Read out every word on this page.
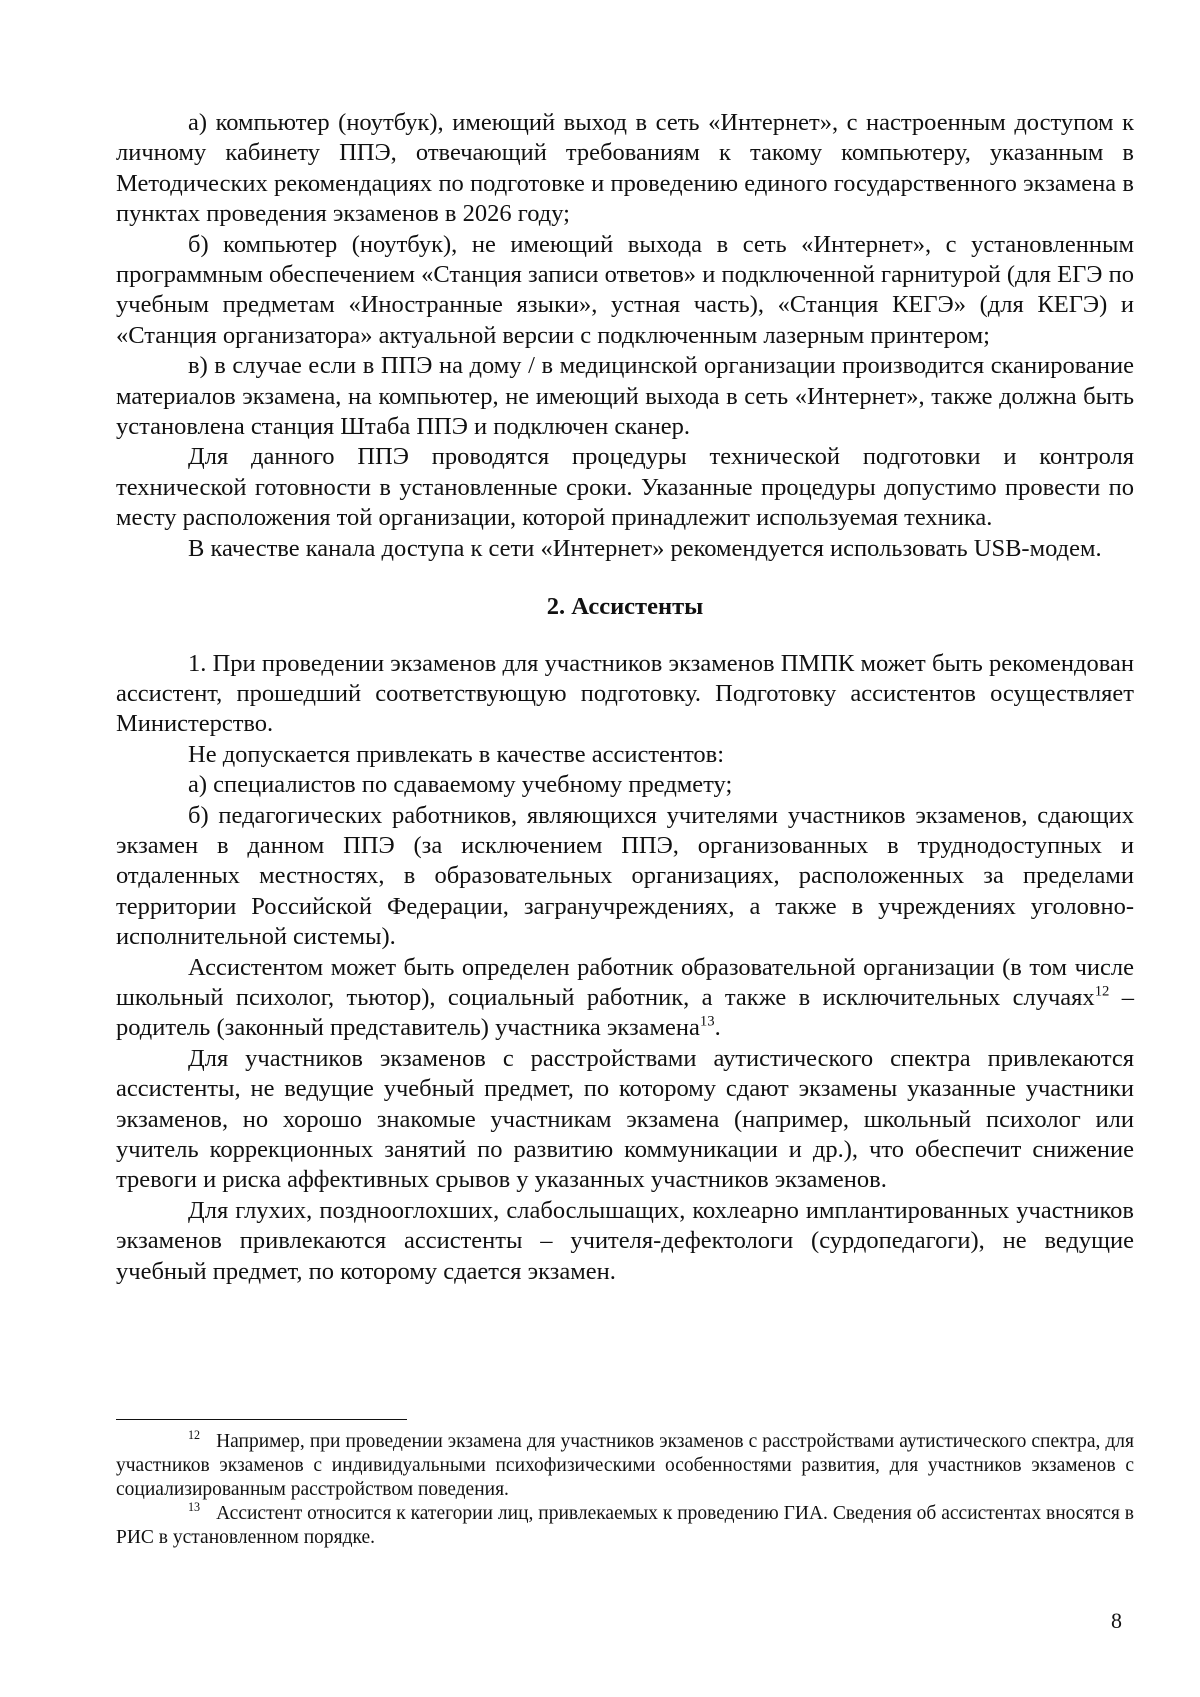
а) компьютер (ноутбук), имеющий выход в сеть «Интернет», с настроенным доступом к личному кабинету ППЭ, отвечающий требованиям к такому компьютеру, указанным в Методических рекомендациях по подготовке и проведению единого государственного экзамена в пунктах проведения экзаменов в 2026 году;

б) компьютер (ноутбук), не имеющий выхода в сеть «Интернет», с установленным программным обеспечением «Станция записи ответов» и подключенной гарнитурой (для ЕГЭ по учебным предметам «Иностранные языки», устная часть), «Станция КЕГЭ» (для КЕГЭ) и «Станция организатора» актуальной версии с подключенным лазерным принтером;

в) в случае если в ППЭ на дому / в медицинской организации производится сканирование материалов экзамена, на компьютер, не имеющий выхода в сеть «Интернет», также должна быть установлена станция Штаба ППЭ и подключен сканер.

Для данного ППЭ проводятся процедуры технической подготовки и контроля технической готовности в установленные сроки. Указанные процедуры допустимо провести по месту расположения той организации, которой принадлежит используемая техника.

В качестве канала доступа к сети «Интернет» рекомендуется использовать USB-модем.

2. Ассистенты

1. При проведении экзаменов для участников экзаменов ПМПК может быть рекомендован ассистент, прошедший соответствующую подготовку. Подготовку ассистентов осуществляет Министерство.

Не допускается привлекать в качестве ассистентов:

а) специалистов по сдаваемому учебному предмету;

б) педагогических работников, являющихся учителями участников экзаменов, сдающих экзамен в данном ППЭ (за исключением ППЭ, организованных в труднодоступных и отдаленных местностях, в образовательных организациях, расположенных за пределами территории Российской Федерации, загранучреждениях, а также в учреждениях уголовно-исполнительной системы).

Ассистентом может быть определен работник образовательной организации (в том числе школьный психолог, тьютор), социальный работник, а также в исключительных случаях$^{12}$ – родитель (законный представитель) участника экзамена$^{13}$.

Для участников экзаменов с расстройствами аутистического спектра привлекаются ассистенты, не ведущие учебный предмет, по которому сдают экзамены указанные участники экзаменов, но хорошо знакомые участникам экзамена (например, школьный психолог или учитель коррекционных занятий по развитию коммуникации и др.), что обеспечит снижение тревоги и риска аффективных срывов у указанных участников экзаменов.

Для глухих, позднооглохших, слабослышащих, кохлеарно имплантированных участников экзаменов привлекаются ассистенты – учителя-дефектологи (сурдопедагоги), не ведущие учебный предмет, по которому сдается экзамен.

$^{12}$ Например, при проведении экзамена для участников экзаменов с расстройствами аутистического спектра, для участников экзаменов с индивидуальными психофизическими особенностями развития, для участников экзаменов с социализированным расстройством поведения.

$^{13}$ Ассистент относится к категории лиц, привлекаемых к проведению ГИА. Сведения об ассистентах вносятся в РИС в установленном порядке.

8
